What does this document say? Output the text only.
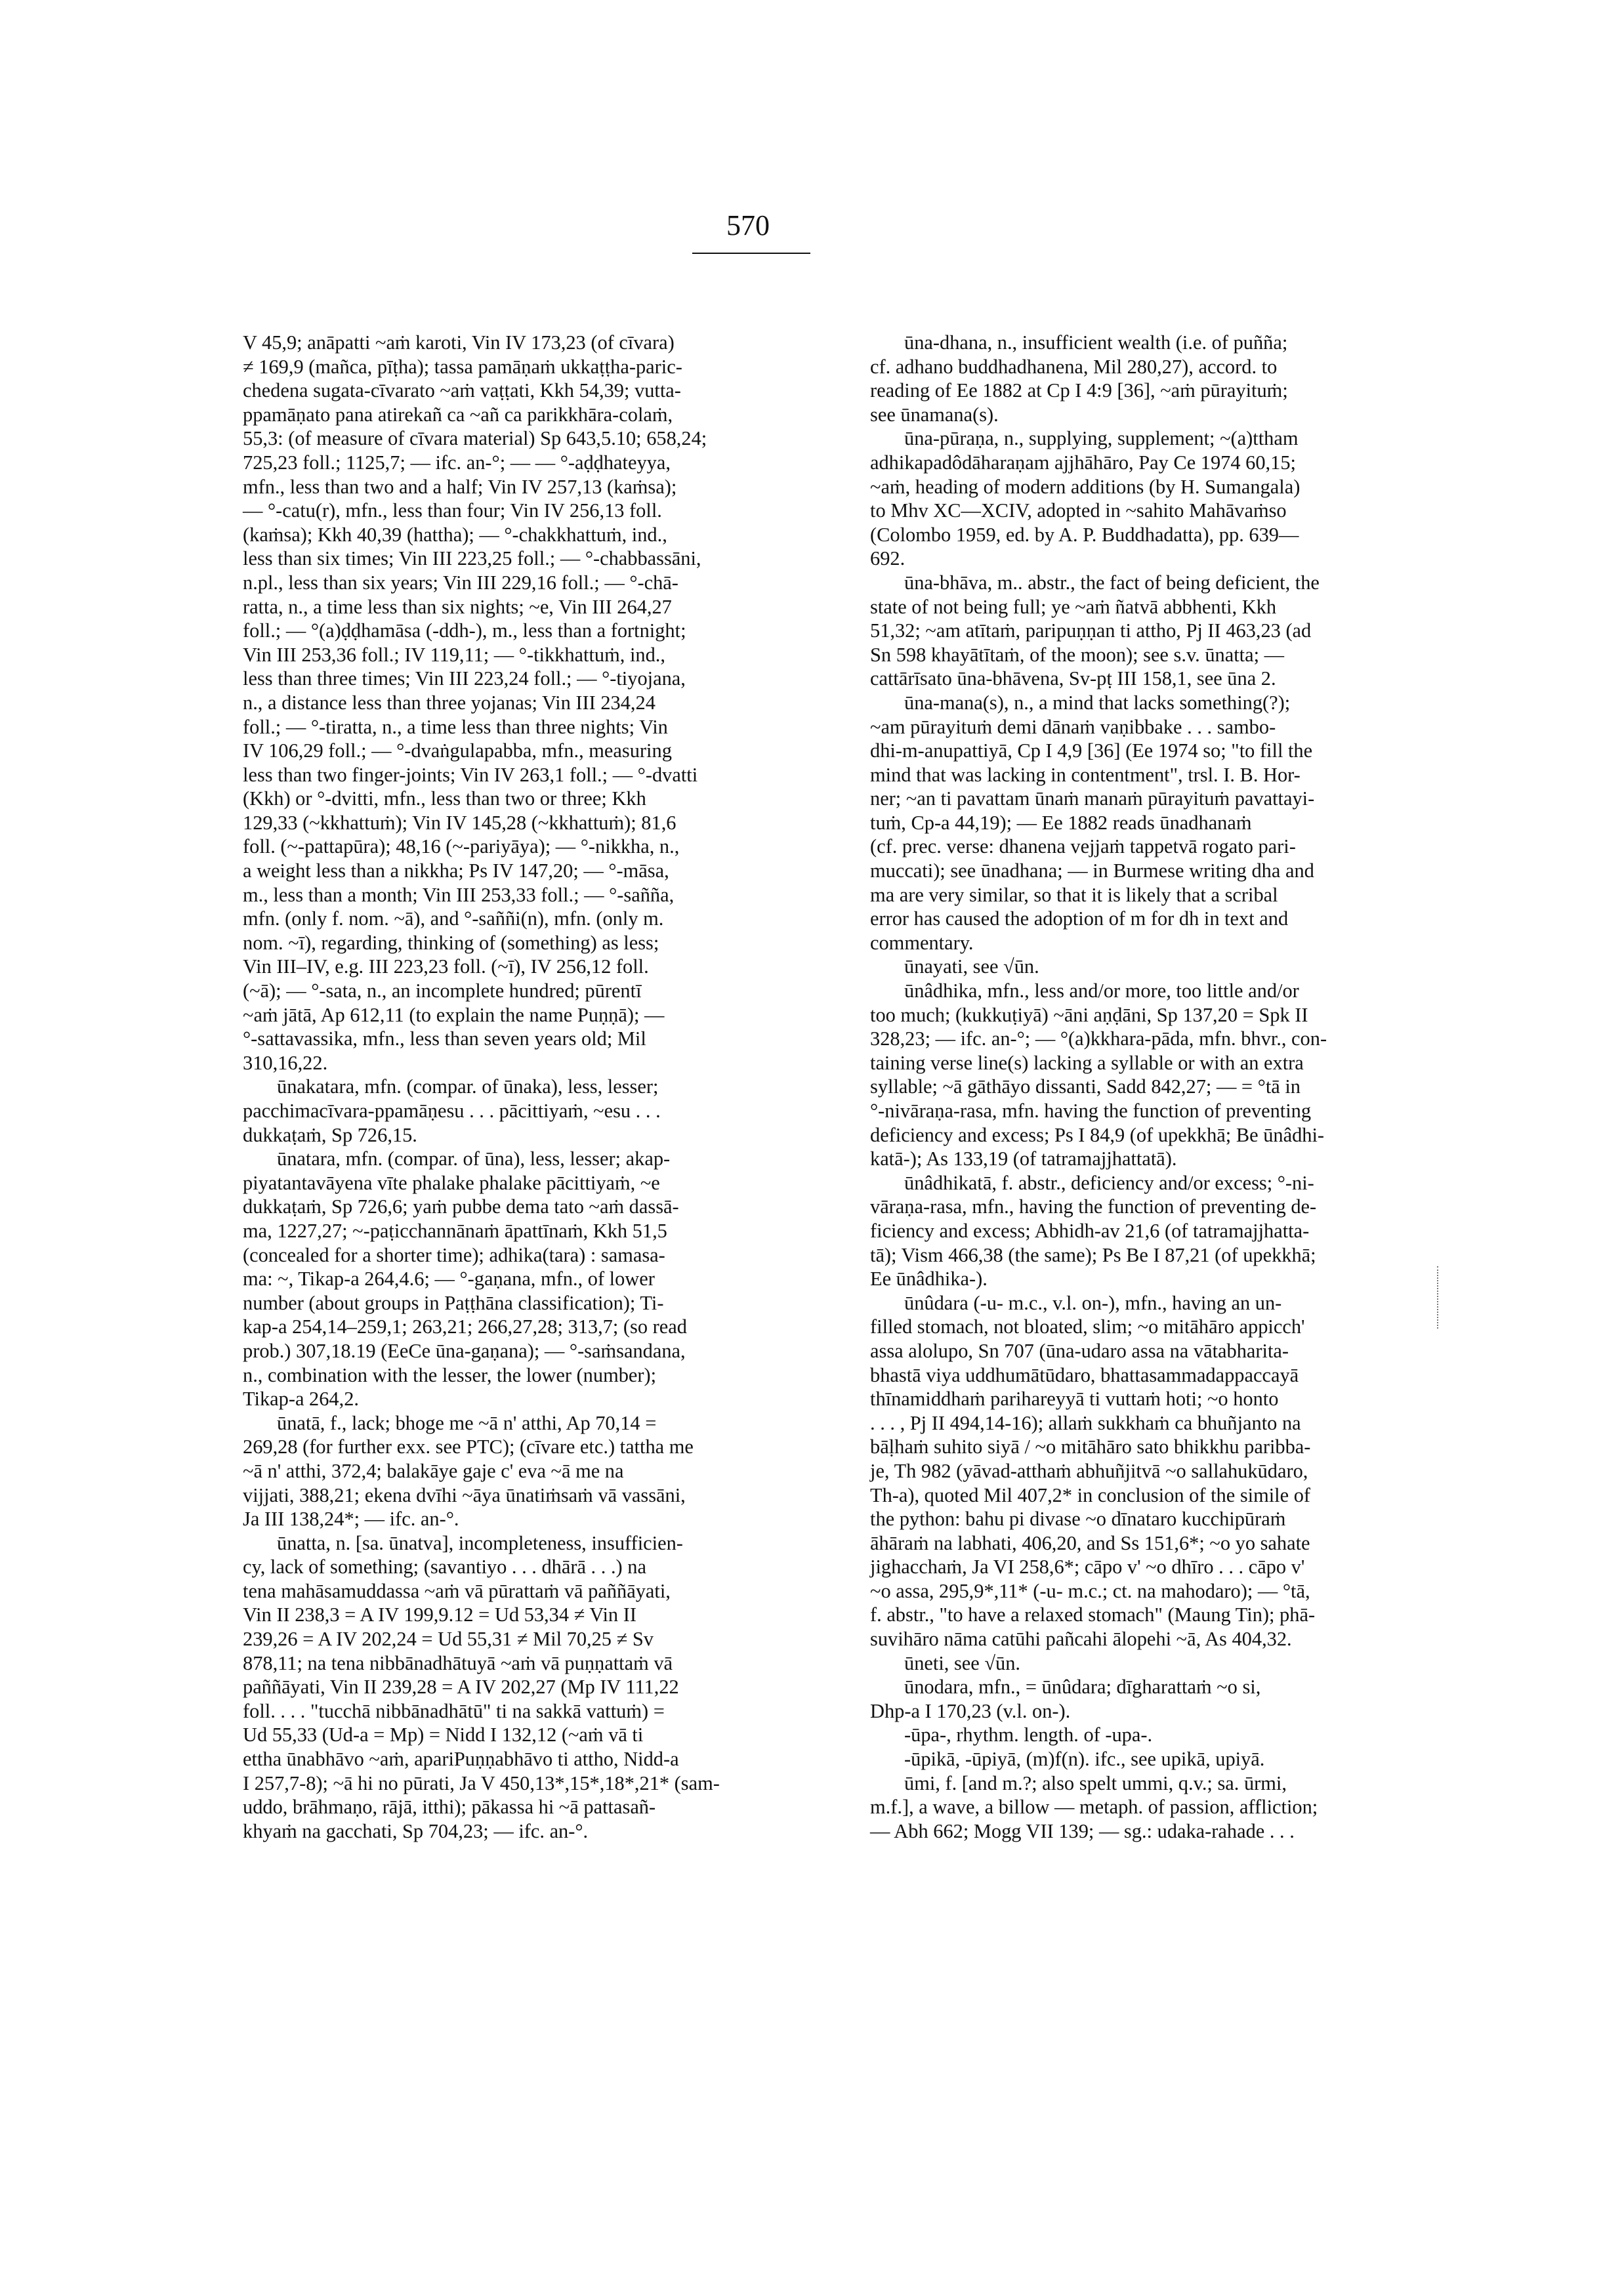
570
V 45,9; anāpatti ~aṁ karoti, Vin IV 173,23 (of cīvara)
≠ 169,9 (mañca, pīṭha); tassa pamāṇaṁ ukkaṭṭha-paric-
chedena sugata-cīvarato ~aṁ vaṭṭati, Kkh 54,39; vutta-
ppamāṇato pana atirekañ ca ~añ ca parikkhāra-colaṁ,
55,3: (of measure of cīvara material) Sp 643,5.10; 658,24;
725,23 foll.; 1125,7; — ifc. an-°; — — °-aḍḍhateyya,
mfn., less than two and a half; Vin IV 257,13 (kaṁsa);
— °-catu(r), mfn., less than four; Vin IV 256,13 foll.
(kaṁsa); Kkh 40,39 (hattha); — °-chakkhattuṁ, ind.,
less than six times; Vin III 223,25 foll.; — °-chabbassāni,
n.pl., less than six years; Vin III 229,16 foll.; — °-chā-
ratta, n., a time less than six nights; ~e, Vin III 264,27
foll.; — °(a)ḍḍhamāsa (-ddh-), m., less than a fortnight;
Vin III 253,36 foll.; IV 119,11; — °-tikkhattuṁ, ind.,
less than three times; Vin III 223,24 foll.; — °-tiyojana,
n., a distance less than three yojanas; Vin III 234,24
foll.; — °-tiratta, n., a time less than three nights; Vin
IV 106,29 foll.; — °-dvaṅgulapabba, mfn., measuring
less than two finger-joints; Vin IV 263,1 foll.; — °-dvatti
(Kkh) or °-dvitti, mfn., less than two or three; Kkh
129,33 (~kkhattuṁ); Vin IV 145,28 (~kkhattuṁ); 81,6
foll. (~-pattapūra); 48,16 (~-pariyāya); — °-nikkha, n.,
a weight less than a nikkha; Ps IV 147,20; — °-māsa,
m., less than a month; Vin III 253,33 foll.; — °-sañña,
mfn. (only f. nom. ~ā), and °-saññi(n), mfn. (only m.
nom. ~ī), regarding, thinking of (something) as less;
Vin III–IV, e.g. III 223,23 foll. (~ī), IV 256,12 foll.
(~ā); — °-sata, n., an incomplete hundred; pūrentī
~aṁ jātā, Ap 612,11 (to explain the name Puṇṇā); —
°-sattavassika, mfn., less than seven years old; Mil
310,16,22.
ūnakatara, mfn. (compar. of ūnaka), less, lesser;
pacchimacīvara-ppamāṇesu . . . pācittiyaṁ, ~esu . . .
dukkaṭaṁ, Sp 726,15.
ūnatara, mfn. (compar. of ūna), less, lesser; akap-
piyatantavāyena vīte phalake phalake pācittiyaṁ, ~e
dukkaṭaṁ, Sp 726,6; yaṁ pubbe dema tato ~aṁ dassā-
ma, 1227,27; ~-paṭicchannānaṁ āpattīnaṁ, Kkh 51,5
(concealed for a shorter time); adhika(tara) : samasa-
ma: ~, Tikap-a 264,4.6; — °-gaṇana, mfn., of lower
number (about groups in Paṭṭhāna classification); Ti-
kap-a 254,14–259,1; 263,21; 266,27,28; 313,7; (so read
prob.) 307,18.19 (EeCe ūna-gaṇana); — °-saṁsandana,
n., combination with the lesser, the lower (number);
Tikap-a 264,2.
ūnatā, f., lack; bhoge me ~ā n' atthi, Ap 70,14 =
269,28 (for further exx. see PTC); (cīvare etc.) tattha me
~ā n' atthi, 372,4; balakāye gaje c' eva ~ā me na
vijjati, 388,21; ekena dvīhi ~āya ūnatiṁsaṁ vā vassāni,
Ja III 138,24*; — ifc. an-°.
ūnatta, n. [sa. ūnatva], incompleteness, insufficien-
cy, lack of something; (savantiyo . . . dhārā . . .) na
tena mahāsamuddassa ~aṁ vā pūrattaṁ vā paññāyati,
Vin II 238,3 = A IV 199,9.12 = Ud 53,34 ≠ Vin II
239,26 = A IV 202,24 = Ud 55,31 ≠ Mil 70,25 ≠ Sv
878,11; na tena nibbānadhātuyā ~aṁ vā puṇṇattaṁ vā
paññāyati, Vin II 239,28 = A IV 202,27 (Mp IV 111,22
foll. . . . "tucchā nibbānadhātū" ti na sakkā vattuṁ) =
Ud 55,33 (Ud-a = Mp) = Nidd I 132,12 (~aṁ vā ti
ettha ūnabhāvo ~aṁ, apariPuṇṇabhāvo ti attho, Nidd-a
I 257,7-8); ~ā hi no pūrati, Ja V 450,13*,15*,18*,21* (sam-
uddo, brāhmaṇo, rājā, itthi); pākassa hi ~ā pattasañ-
khyaṁ na gacchati, Sp 704,23; — ifc. an-°.
ūna-dhana, n., insufficient wealth (i.e. of puñña;
cf. adhano buddhadhanena, Mil 280,27), accord. to
reading of Ee 1882 at Cp I 4:9 [36], ~aṁ pūrayituṁ;
see ūnamana(s).
ūna-pūraṇa, n., supplying, supplement; ~(a)ttham
adhikapadôdāharaṇam ajjhāhāro, Pay Ce 1974 60,15;
~aṁ, heading of modern additions (by H. Sumangala)
to Mhv XC—XCIV, adopted in ~sahito Mahāvaṁso
(Colombo 1959, ed. by A. P. Buddhadatta), pp. 639—
692.
ūna-bhāva, m.. abstr., the fact of being deficient, the
state of not being full; ye ~aṁ ñatvā abbhenti, Kkh
51,32; ~am atītaṁ, paripuṇṇan ti attho, Pj II 463,23 (ad
Sn 598 khayātītaṁ, of the moon); see s.v. ūnatta; —
cattārīsato ūna-bhāvena, Sv-pṭ III 158,1, see ūna 2.
ūna-mana(s), n., a mind that lacks something(?);
~am pūrayituṁ demi dānaṁ vaṇibbake . . . sambo-
dhi-m-anupattiyā, Cp I 4,9 [36] (Ee 1974 so; "to fill the
mind that was lacking in contentment", trsl. I. B. Hor-
ner; ~an ti pavattam ūnaṁ manaṁ pūrayituṁ pavattayi-
tuṁ, Cp-a 44,19); — Ee 1882 reads ūnadhanaṁ
(cf. prec. verse: dhanena vejjaṁ tappetvā rogato pari-
muccati); see ūnadhana; — in Burmese writing dha and
ma are very similar, so that it is likely that a scribal
error has caused the adoption of m for dh in text and
commentary.
ūnayati, see √ūn.
ūnâdhika, mfn., less and/or more, too little and/or
too much; (kukkuṭiyā) ~āni aṇḍāni, Sp 137,20 = Spk II
328,23; — ifc. an-°; — °(a)kkhara-pāda, mfn. bhvr., con-
taining verse line(s) lacking a syllable or with an extra
syllable; ~ā gāthāyo dissanti, Sadd 842,27; — = °tā in
°-nivāraṇa-rasa, mfn. having the function of preventing
deficiency and excess; Ps I 84,9 (of upekkhā; Be ūnâdhi-
katā-); As 133,19 (of tatramajjhattatā).
ūnâdhikatā, f. abstr., deficiency and/or excess; °-ni-
vāraṇa-rasa, mfn., having the function of preventing de-
ficiency and excess; Abhidh-av 21,6 (of tatramajjhatta-
tā); Vism 466,38 (the same); Ps Be I 87,21 (of upekkhā;
Ee ūnâdhika-).
ūnûdara (-u- m.c., v.l. on-), mfn., having an un-
filled stomach, not bloated, slim; ~o mitāhāro appicch'
assa alolupo, Sn 707 (ūna-udaro assa na vātabharita-
bhastā viya uddhumātūdaro, bhattasammadappaccayā
thīnamiddhaṁ parihareyyā ti vuttaṁ hoti; ~o honto
. . . , Pj II 494,14-16); allaṁ sukkhaṁ ca bhuñjanto na
bāḷhaṁ suhito siyā / ~o mitāhāro sato bhikkhu paribba-
je, Th 982 (yāvad-atthaṁ abhuñjitvā ~o sallahukūdaro,
Th-a), quoted Mil 407,2* in conclusion of the simile of
the python: bahu pi divase ~o dīnataro kucchipūraṁ
āhāraṁ na labhati, 406,20, and Ss 151,6*; ~o yo sahate
jighacchaṁ, Ja VI 258,6*; cāpo v' ~o dhīro . . . cāpo v'
~o assa, 295,9*,11* (-u- m.c.; ct. na mahodaro); — °tā,
f. abstr., "to have a relaxed stomach" (Maung Tin); phā-
suvihāro nāma catūhi pañcahi ālopehi ~ā, As 404,32.
ūneti, see √ūn.
ūnodara, mfn., = ūnûdara; dīgharattaṁ ~o si,
Dhp-a I 170,23 (v.l. on-).
-ūpa-, rhythm. length. of -upa-.
-ūpikā, -ūpiyā, (m)f(n). ifc., see upikā, upiyā.
ūmi, f. [and m.?; also spelt ummi, q.v.; sa. ūrmi,
m.f.], a wave, a billow — metaph. of passion, affliction;
— Abh 662; Mogg VII 139; — sg.: udaka-rahade . . .
